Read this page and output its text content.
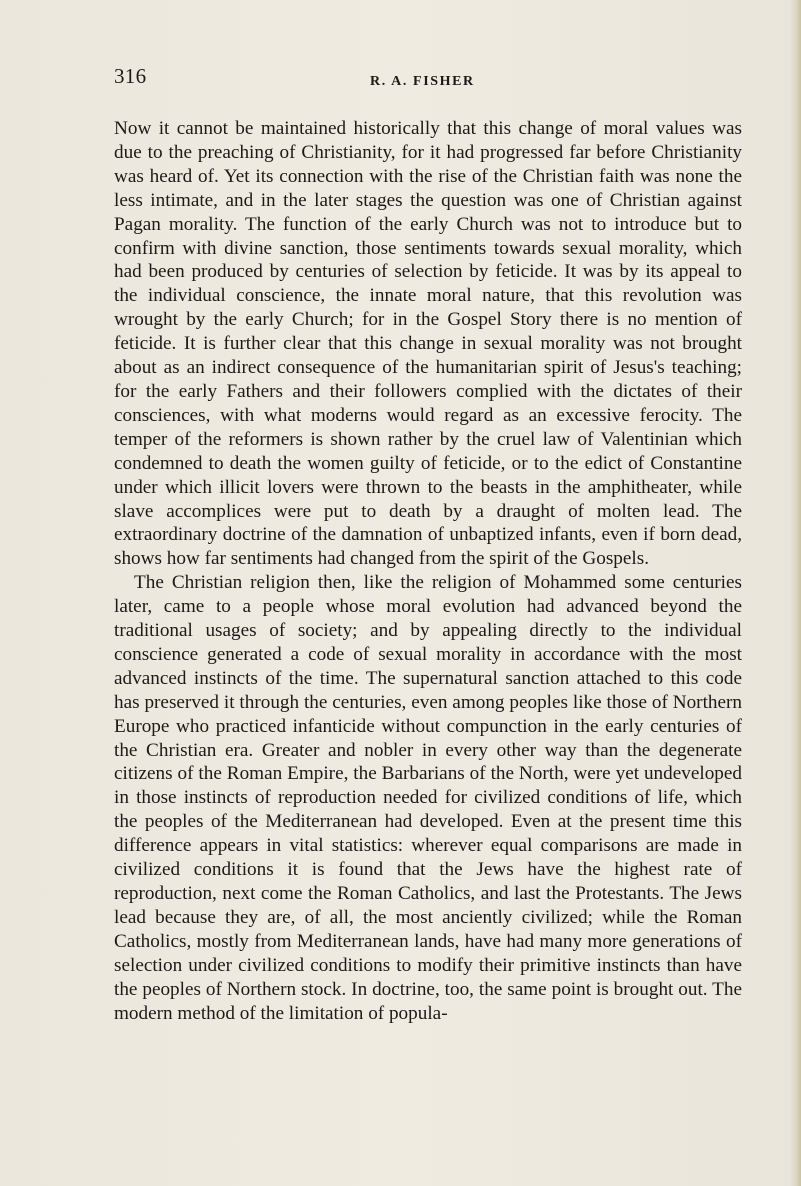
316	R. A. FISHER

Now it cannot be maintained historically that this change of moral values was due to the preaching of Christianity, for it had progressed far before Christianity was heard of. Yet its connection with the rise of the Christian faith was none the less intimate, and in the later stages the question was one of Christian against Pagan morality. The function of the early Church was not to introduce but to confirm with divine sanction, those sentiments towards sexual morality, which had been produced by centuries of selection by feticide. It was by its appeal to the individual conscience, the innate moral nature, that this revolution was wrought by the early Church; for in the Gospel Story there is no mention of feticide. It is further clear that this change in sexual morality was not brought about as an indirect consequence of the humanitarian spirit of Jesus's teaching; for the early Fathers and their followers complied with the dictates of their consciences, with what moderns would regard as an excessive ferocity. The temper of the reformers is shown rather by the cruel law of Valentinian which condemned to death the women guilty of feticide, or to the edict of Constantine under which illicit lovers were thrown to the beasts in the amphitheater, while slave accomplices were put to death by a draught of molten lead. The extraordinary doctrine of the damnation of unbaptized infants, even if born dead, shows how far sentiments had changed from the spirit of the Gospels.

The Christian religion then, like the religion of Mohammed some centuries later, came to a people whose moral evolution had advanced beyond the traditional usages of society; and by appealing directly to the individual conscience generated a code of sexual morality in accordance with the most advanced instincts of the time. The supernatural sanction attached to this code has preserved it through the centuries, even among peoples like those of Northern Europe who practiced infanticide without compunction in the early centuries of the Christian era. Greater and nobler in every other way than the degenerate citizens of the Roman Empire, the Barbarians of the North, were yet undeveloped in those instincts of reproduction needed for civilized conditions of life, which the peoples of the Mediterranean had developed. Even at the present time this difference appears in vital statistics: wherever equal comparisons are made in civilized conditions it is found that the Jews have the highest rate of reproduction, next come the Roman Catholics, and last the Protestants. The Jews lead because they are, of all, the most anciently civilized; while the Roman Catholics, mostly from Mediterranean lands, have had many more generations of selection under civilized conditions to modify their primitive instincts than have the peoples of Northern stock. In doctrine, too, the same point is brought out. The modern method of the limitation of popula-
